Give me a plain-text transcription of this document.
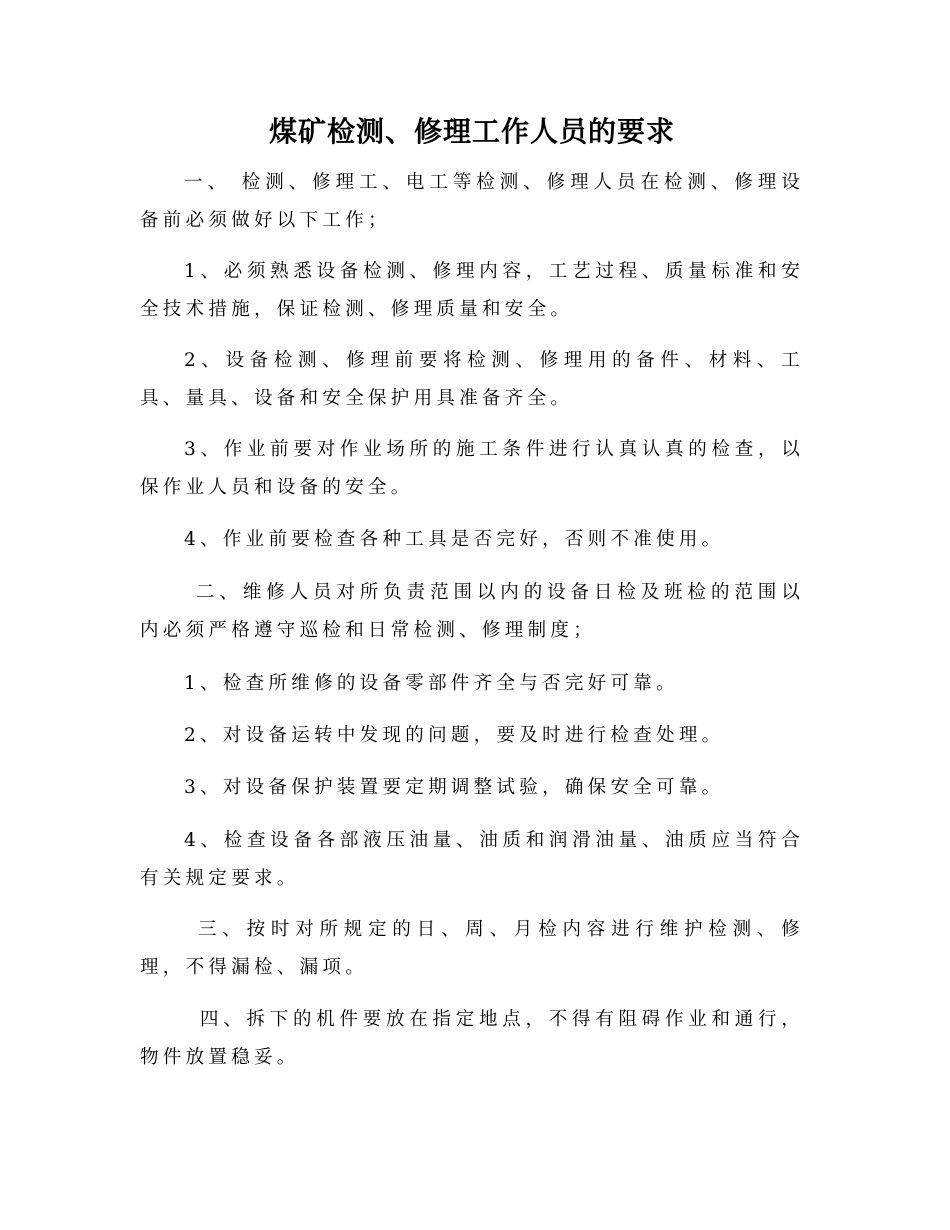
煤矿检测、修理工作人员的要求

一、 检测、修理工、电工等检测、修理人员在检测、修理设备前必须做好以下工作；

1、必须熟悉设备检测、修理内容，工艺过程、质量标准和安全技术措施，保证检测、修理质量和安全。

2、设备检测、修理前要将检测、修理用的备件、材料、工具、量具、设备和安全保护用具准备齐全。

3、作业前要对作业场所的施工条件进行认真认真的检查，以保作业人员和设备的安全。

4、作业前要检查各种工具是否完好，否则不准使用。

二、维修人员对所负责范围以内的设备日检及班检的范围以内必须严格遵守巡检和日常检测、修理制度；

1、检查所维修的设备零部件齐全与否完好可靠。

2、对设备运转中发现的问题，要及时进行检查处理。

3、对设备保护装置要定期调整试验，确保安全可靠。

4、检查设备各部液压油量、油质和润滑油量、油质应当符合有关规定要求。

三、按时对所规定的日、周、月检内容进行维护检测、修理，不得漏检、漏项。

四、拆下的机件要放在指定地点，不得有阻碍作业和通行，物件放置稳妥。
